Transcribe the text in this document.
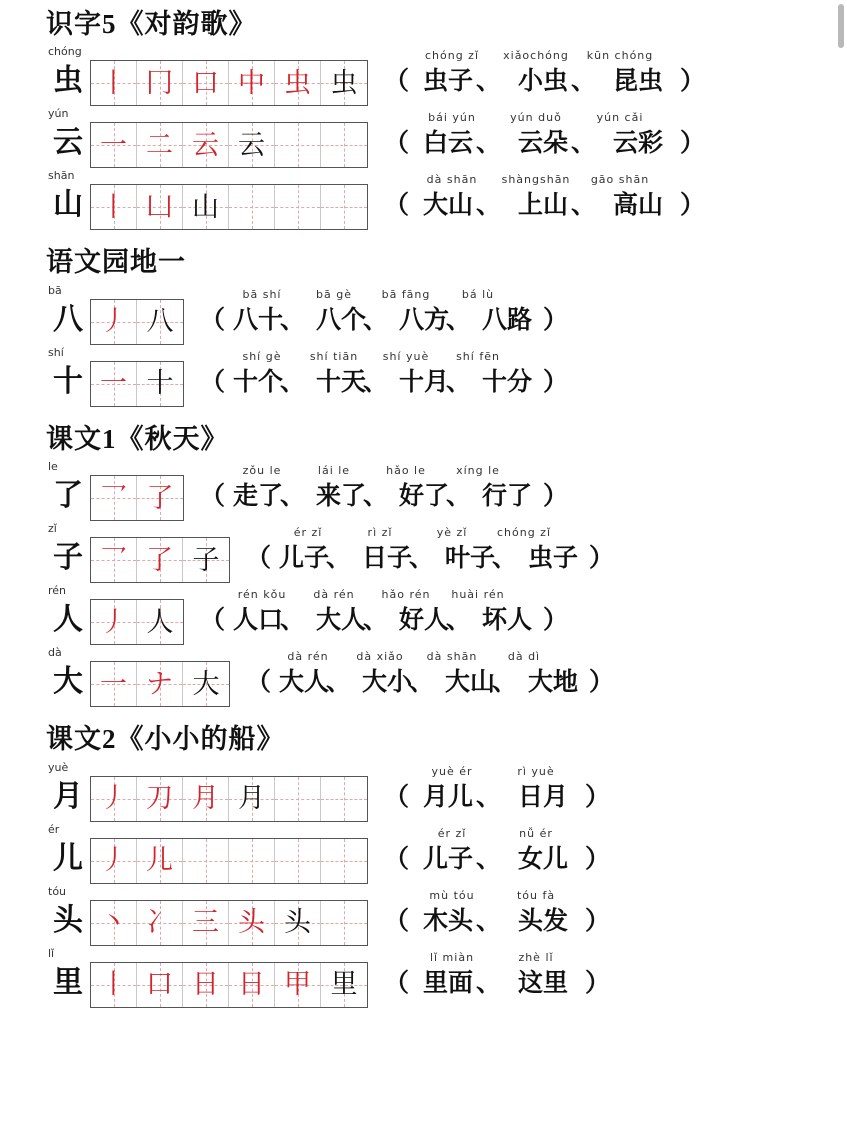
识字5《对韵歌》
chóng
虫 丨 冂 口 中 虫 虫
chóng zǐ	xiǎochóng	kūn chóng
（ 虫子 、 小虫 、 昆虫 ）
yún
云 一 二 云 云
bái yún	yún duǒ	yún cǎi
（ 白云 、 云朵 、 云彩 ）
shān
山 丨 凵 山
dà shān	shàngshān	gāo shān
（ 大山 、 上山 、 高山 ）
语文园地一
bā
八 丿 八
bā shí	bā gè	bā fāng	bá lù
（ 八十、 八个、 八方、 八路 ）
shí
十 一 十
shí gè	shí tiān	shí yuè	shí fēn
（ 十个、 十天、 十月、 十分 ）
课文1《秋天》
le
了 乛 了
zǒu le	lái le	hǎo le	xíng le
（ 走了、 来了、 好了、 行了 ）
zǐ
子 乛 了 子
ér zǐ	rì zǐ	yè zǐ	chóng zǐ
（ 儿子、 日子、 叶子、 虫子 ）
rén
人 丿 人
rén kǒu	dà rén	hǎo rén	huài rén
（ 人口、 大人、 好人、 坏人 ）
dà
大 一 ナ 大
dà rén	dà xiǎo	dà shān	dà dì
（ 大人、 大小、 大山、 大地 ）
课文2《小小的船》
yuè
月 丿 刀 月 月
yuè ér	rì yuè
（ 月儿 、 日月 ）
ér
儿 丿 儿
ér zǐ	nǚ ér
（ 儿子 、 女儿 ）
tóu
头 丶 冫 三 头 头
mù tóu	tóu fà
（ 木头 、 头发 ）
lǐ
里 丨 口 日 日 甲 里
lǐ miàn	zhè lǐ
（ 里面 、 这里 ）
